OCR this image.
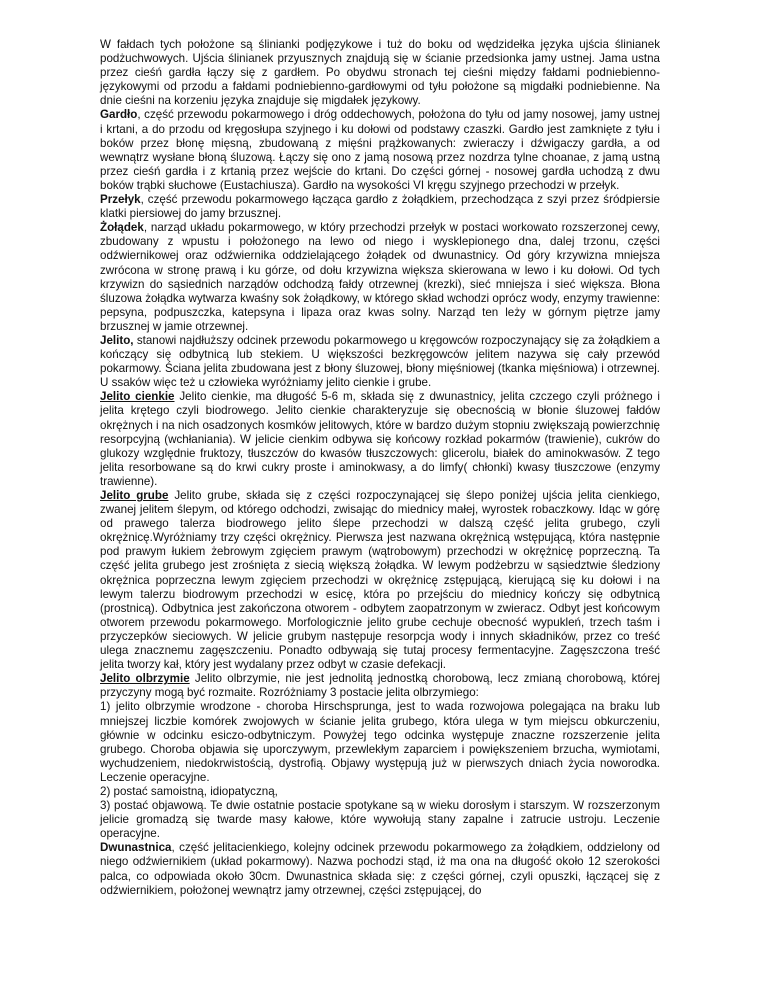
W fałdach tych położone są ślinianki podjęzykowe i tuż do boku od wędzidełka języka ujścia ślinianek podżuchwowych. Ujścia ślinianek przyusznych znajdują się w ścianie przedsionka jamy ustnej. Jama ustna przez cieśń gardła łączy się z gardłem. Po obydwu stronach tej cieśni między fałdami podniebienno-językowymi od przodu a fałdami podniebienno-gardłowymi od tyłu położone są migdałki podniebienne. Na dnie cieśni na korzeniu języka znajduje się migdałek językowy.

Gardło, część przewodu pokarmowego i dróg oddechowych, położona do tyłu od jamy nosowej, jamy ustnej i krtani, a do przodu od kręgosłupa szyjnego i ku dołowi od podstawy czaszki. Gardło jest zamknięte z tyłu i boków przez błonę mięsną, zbudowaną z mięśni prążkowanych: zwieraczy i dźwigaczy gardła, a od wewnątrz wysłane błoną śluzową. Łączy się ono z jamą nosową przez nozdrza tylne choanae, z jamą ustną przez cieśń gardła i z krtanią przez wejście do krtani. Do części górnej - nosowej gardła uchodzą z dwu boków trąbki słuchowe (Eustachiusza). Gardło na wysokości VI kręgu szyjnego przechodzi w przełyk.

Przełyk, część przewodu pokarmowego łącząca gardło z żołądkiem, przechodząca z szyi przez śródpiersie klatki piersiowej do jamy brzusznej.

Żołądek, narząd układu pokarmowego, w który przechodzi przełyk w postaci workowato rozszerzonej cewy, zbudowany z wpustu i położonego na lewo od niego i wysklepionego dna, dalej trzonu, części odźwiernikowej oraz odźwiernika oddzielającego żołądek od dwunastnicy. Od góry krzywizna mniejsza zwrócona w stronę prawą i ku górze, od dołu krzywizna większa skierowana w lewo i ku dołowi. Od tych krzywizn do sąsiednich narządów odchodzą fałdy otrzewnej (krezki), sieć mniejsza i sieć większa. Błona śluzowa żołądka wytwarza kwaśny sok żołądkowy, w którego skład wchodzi oprócz wody, enzymy trawienne: pepsyna, podpuszczka, katepsyna i lipaza oraz kwas solny. Narząd ten leży w górnym piętrze jamy brzusznej w jamie otrzewnej.

Jelito, stanowi najdłuższy odcinek przewodu pokarmowego u kręgowców rozpoczynający się za żołądkiem a kończący się odbytnicą lub stekiem. U większości bezkręgowców jelitem nazywa się cały przewód pokarmowy. Ściana jelita zbudowana jest z błony śluzowej, błony mięśniowej (tkanka mięśniowa) i otrzewnej. U ssaków więc też u człowieka wyróżniamy jelito cienkie i grube.

Jelito cienkie Jelito cienkie, ma długość 5-6 m, składa się z dwunastnicy, jelita czczego czyli próżnego i jelita krętego czyli biodrowego. Jelito cienkie charakteryzuje się obecnością w błonie śluzowej fałdów okrężnych i na nich osadzonych kosmków jelitowych, które w bardzo dużym stopniu zwiększają powierzchnię resorpcyjną (wchłaniania). W jelicie cienkim odbywa się końcowy rozkład pokarmów (trawienie), cukrów do glukozy względnie fruktozy, tłuszczów do kwasów tłuszczowych: glicerolu, białek do aminokwasów. Z tego jelita resorbowane są do krwi cukry proste i aminokwasy, a do limfy( chłonki) kwasy tłuszczowe (enzymy trawienne).

Jelito grube Jelito grube, składa się z części rozpoczynającej się ślepo poniżej ujścia jelita cienkiego, zwanej jelitem ślepym, od którego odchodzi, zwisając do miednicy małej, wyrostek robaczkowy. Idąc w górę od prawego talerza biodrowego jelito ślepe przechodzi w dalszą część jelita grubego, czyli okrężnicę.Wyróżniamy trzy części okrężnicy. Pierwsza jest nazwana okrężnicą wstępującą, która następnie pod prawym łukiem żebrowym zgięciem prawym (wątrobowym) przechodzi w okrężnicę poprzeczną. Ta część jelita grubego jest zrośnięta z siecią większą żołądka. W lewym podżebrzu w sąsiedztwie śledziony okrężnica poprzeczna lewym zgięciem przechodzi w okrężnicę zstępującą, kierującą się ku dołowi i na lewym talerzu biodrowym przechodzi w esicę, która po przejściu do miednicy kończy się odbytnicą (prostnicą). Odbytnica jest zakończona otworem - odbytem zaopatrzonym w zwieracz. Odbyt jest końcowym otworem przewodu pokarmowego. Morfologicznie jelito grube cechuje obecność wypukleń, trzech taśm i przyczepków sieciowych. W jelicie grubym następuje resorpcja wody i innych składników, przez co treść ulega znacznemu zagęszczeniu. Ponadto odbywają się tutaj procesy fermentacyjne. Zagęszczona treść jelita tworzy kał, który jest wydalany przez odbyt w czasie defekacji.

Jelito olbrzymie Jelito olbrzymie, nie jest jednolitą jednostką chorobową, lecz zmianą chorobową, której przyczyny mogą być rozmaite. Rozróżniamy 3 postacie jelita olbrzymiego:

1) jelito olbrzymie wrodzone - choroba Hirschsprunga, jest to wada rozwojowa polegająca na braku lub mniejszej liczbie komórek zwojowych w ścianie jelita grubego, która ulega w tym miejscu obkurczeniu, głównie w odcinku esiczo-odbytniczym. Powyżej tego odcinka występuje znaczne rozszerzenie jelita grubego. Choroba objawia się uporczywym, przewlekłym zaparciem i powiększeniem brzucha, wymiotami, wychudzeniem, niedokrwistością, dystrofią. Objawy występują już w pierwszych dniach życia noworodka. Leczenie operacyjne.

2) postać samoistną, idiopatyczną,

3) postać objawową. Te dwie ostatnie postacie spotykane są w wieku dorosłym i starszym. W rozszerzonym jelicie gromadzą się twarde masy kałowe, które wywołują stany zapalne i zatrucie ustroju. Leczenie operacyjne.

Dwunastnica, część jelitacienkiego, kolejny odcinek przewodu pokarmowego za żołądkiem, oddzielony od niego odźwiernikiem (układ pokarmowy). Nazwa pochodzi stąd, iż ma ona na długość około 12 szerokości palca, co odpowiada około 30cm. Dwunastnica składa się: z części górnej, czyli opuszki, łączącej się z odźwiernikiem, położonej wewnątrz jamy otrzewnej, części zstępującej, do
